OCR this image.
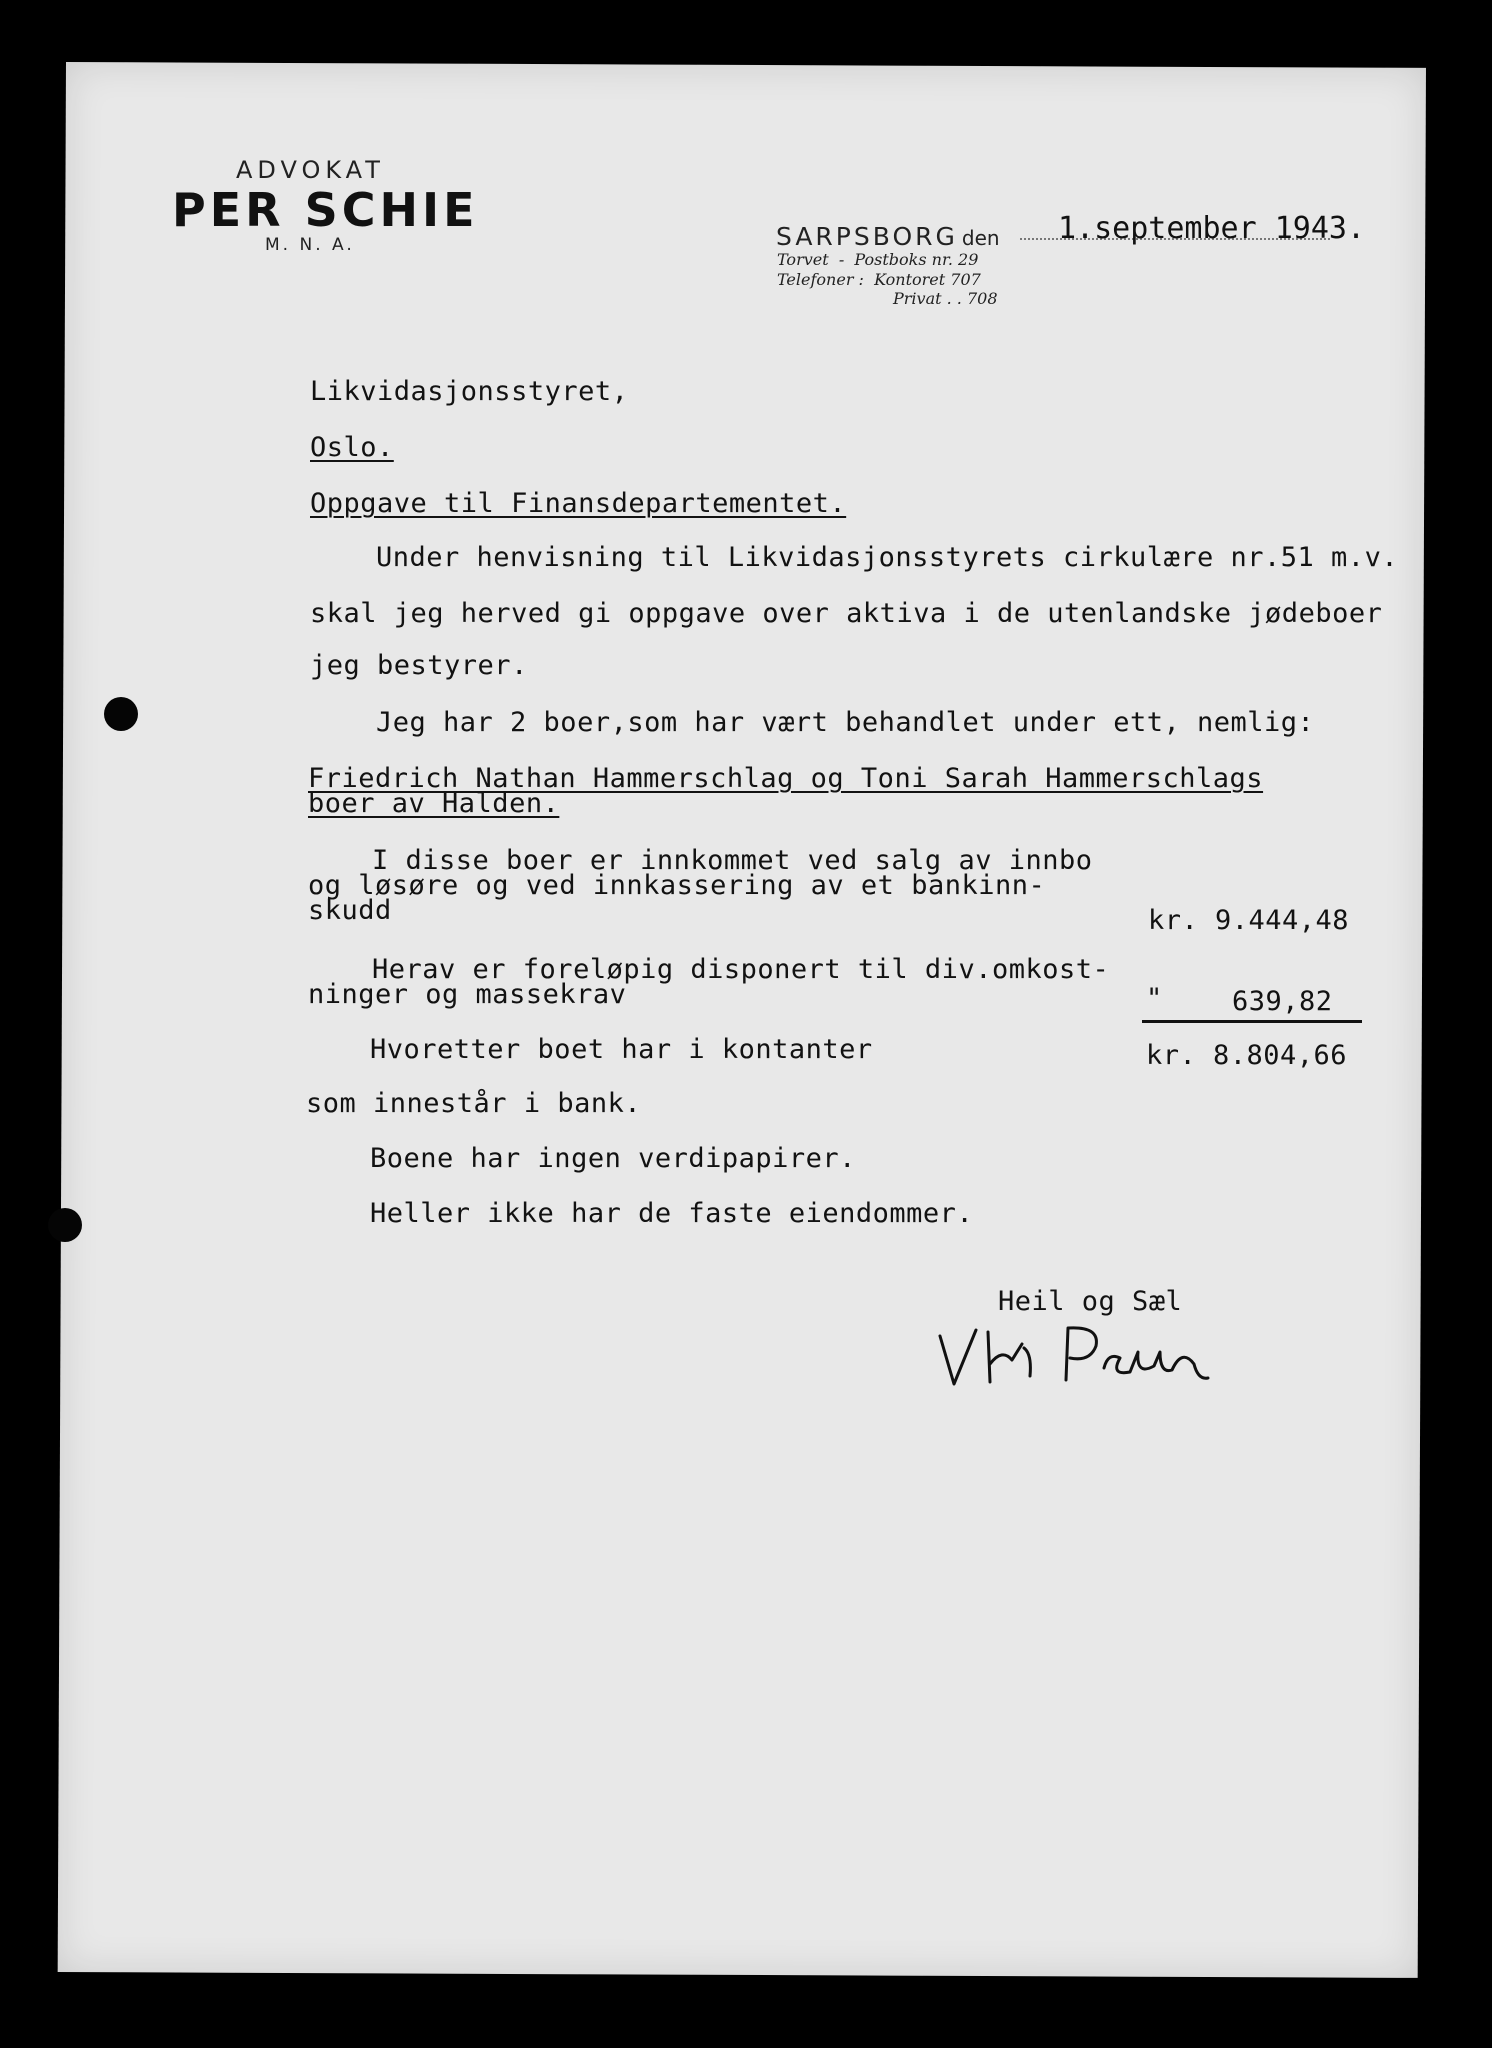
ADVOKAT
PER SCHIE
M. N. A.	SARPSBORG den 1.september 1943.
Torvet  -  Postboks nr. 29
Telefoner :  Kontoret 707
Privat . . 708
Likvidasjonsstyret,
Oslo.
Oppgave til Finansdepartementet.
Under henvisning til Likvidasjonsstyrets cirkulære nr.51 m.v.
skal jeg herved gi oppgave over aktiva i de utenlandske jødeboer
jeg bestyrer.
Jeg har 2 boer,som har vært behandlet under ett, nemlig:
Friedrich Nathan Hammerschlag og Toni Sarah Hammerschlags
boer av Halden.
I disse boer er innkommet ved salg av innbo
og løsøre og ved innkassering av et bankinn-
skudd	kr. 9.444,48
Herav er foreløpig disponert til div.omkost-
ninger og massekrav	"	639,82
Hvoretter boet har i kontanter	kr. 8.804,66
som innestår i bank.
Boene har ingen verdipapirer.
Heller ikke har de faste eiendommer.
Heil og Sæl
